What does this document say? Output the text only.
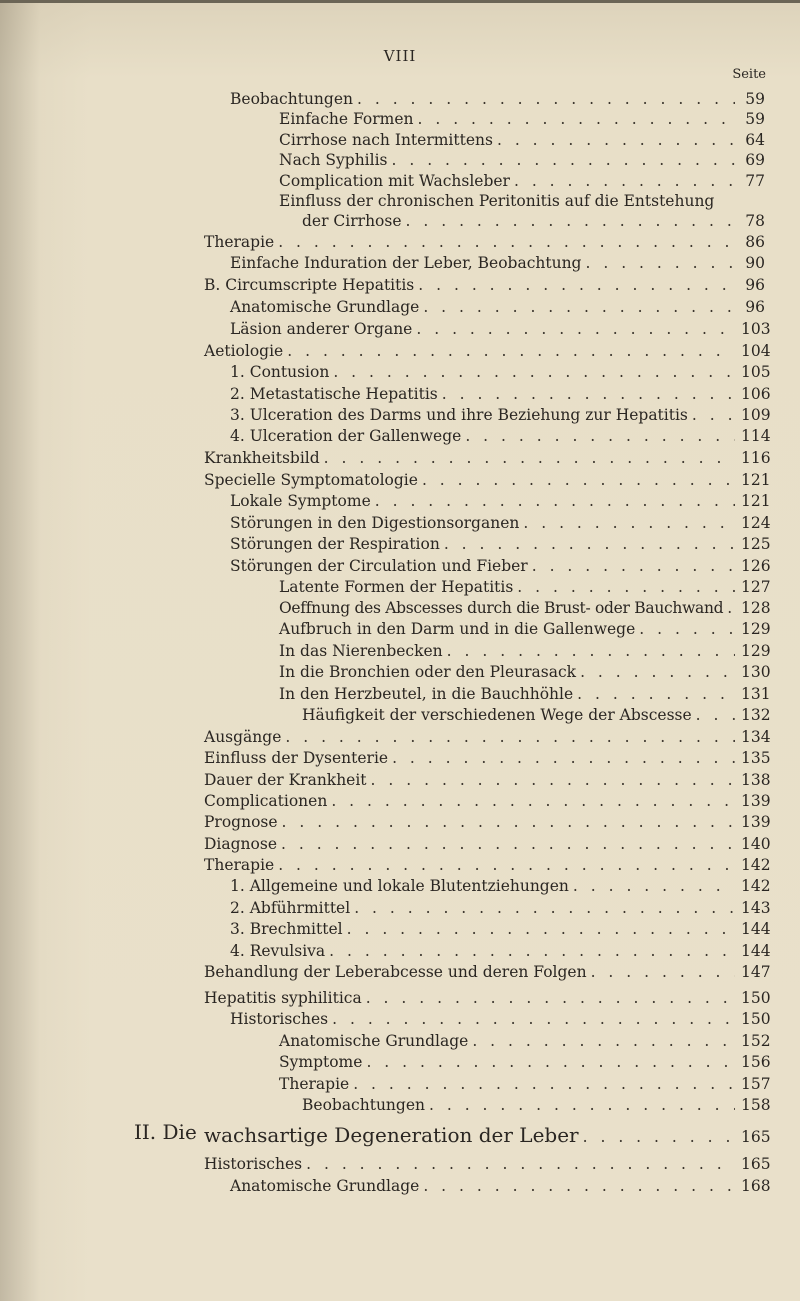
VIII
Seite
Beobachtungen . . .	59
Einfache Formen . . .	59
Cirrhose nach Intermittens . . .	64
Nach Syphilis . . .	69
Complication mit Wachsleber . . .	77
Einfluss der chronischen Peritonitis auf die Entstehung
der Cirrhose . . .	78
Therapie . . .	86
Einfache Induration der Leber, Beobachtung . . .	90
B. Circumscripte Hepatitis . . .	96
Anatomische Grundlage . . .	96
Läsion anderer Organe . . .	103
Aetiologie . . .	104
1. Contusion . . .	105
2. Metastatische Hepatitis . . .	106
3. Ulceration des Darms und ihre Beziehung zur Hepatitis . . .	109
4. Ulceration der Gallenwege . . .	114
Krankheitsbild . . .	116
Specielle Symptomatologie . . .	121
Lokale Symptome . . .	121
Störungen in den Digestionsorganen . . .	124
Störungen der Respiration . . .	125
Störungen der Circulation und Fieber . . .	126
Latente Formen der Hepatitis . . .	127
Oeffnung des Abscesses durch die Brust- oder Bauchwand . . . 128
Aufbruch in den Darm und in die Gallenwege . . .	129
In das Nierenbecken . . .	129
In die Bronchien oder den Pleurasack . . .	130
In den Herzbeutel, in die Bauchhöhle . . .	131
Häufigkeit der verschiedenen Wege der Abscesse . . .	132
Ausgänge . . .	134
Einfluss der Dysenterie . . .	135
Dauer der Krankheit . . .	138
Complicationen . . .	139
Prognose . . .	139
Diagnose . . .	140
Therapie . . .	142
1. Allgemeine und lokale Blutentziehungen . . .	142
2. Abführmittel . . .	143
3. Brechmittel . . .	144
4. Revulsiva . . .	144
Behandlung der Leberabcesse und deren Folgen . . .	147
Hepatitis syphilitica . . .	150
Historisches . . .	150
Anatomische Grundlage . . .	152
Symptome . . .	156
Therapie . . .	157
Beobachtungen . . .	158
II. Die wachsartige Degeneration der Leber . . .	165
Historisches . . .	165
Anatomische Grundlage . . .	168
